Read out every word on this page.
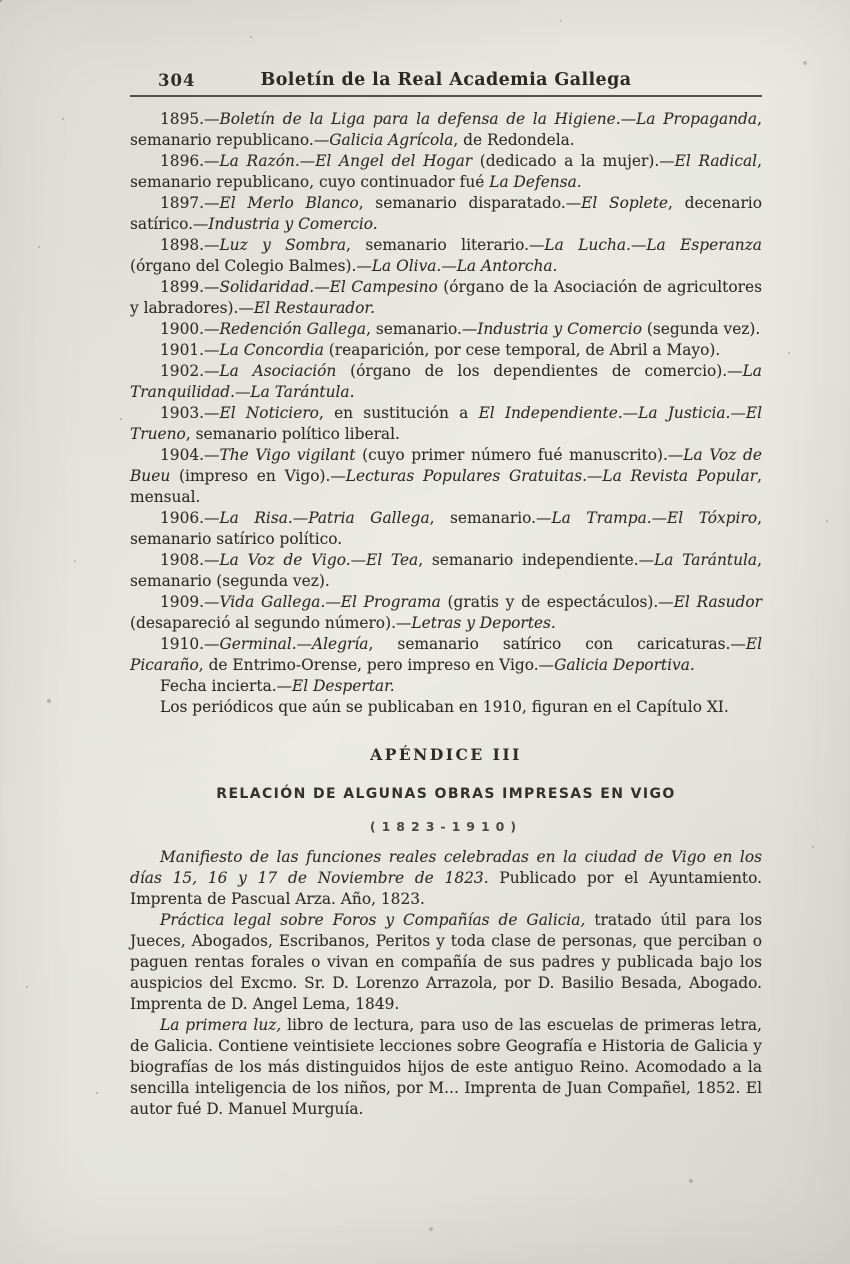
304	Boletín de la Real Academia Gallega

1895.—Boletín de la Liga para la defensa de la Higiene.—La Propaganda, semanario republicano.—Galicia Agrícola, de Redondela.

1896.—La Razón.—El Angel del Hogar (dedicado a la mujer).—El Radical, semanario republicano, cuyo continuador fué La Defensa.

1897.—El Merlo Blanco, semanario disparatado.—El Soplete, decenario satírico.—Industria y Comercio.

1898.—Luz y Sombra, semanario literario.—La Lucha.—La Esperanza (órgano del Colegio Balmes).—La Oliva.—La Antorcha.

1899.—Solidaridad.—El Campesino (órgano de la Asociación de agricultores y labradores).—El Restaurador.

1900.—Redención Gallega, semanario.—Industria y Comercio (segunda vez).

1901.—La Concordia (reaparición, por cese temporal, de Abril a Mayo).

1902.—La Asociación (órgano de los dependientes de comercio).—La Tranquilidad.—La Tarántula.

1903.—El Noticiero, en sustitución a El Independiente.—La Justicia.—El Trueno, semanario político liberal.

1904.—The Vigo vigilant (cuyo primer número fué manuscrito).—La Voz de Bueu (impreso en Vigo).—Lecturas Populares Gratuitas.—La Revista Popular, mensual.

1906.—La Risa.—Patria Gallega, semanario.—La Trampa.—El Tóxpiro, semanario satírico político.

1908.—La Voz de Vigo.—El Tea, semanario independiente.—La Tarántula, semanario (segunda vez).

1909.—Vida Gallega.—El Programa (gratis y de espectáculos).—El Rasudor (desapareció al segundo número).—Letras y Deportes.

1910.—Germinal.—Alegría, semanario satírico con caricaturas.—El Picaraño, de Entrimo-Orense, pero impreso en Vigo.—Galicia Deportiva.

Fecha incierta.—El Despertar.

Los periódicos que aún se publicaban en 1910, figuran en el Capítulo XI.

APÉNDICE III
RELACIÓN DE ALGUNAS OBRAS IMPRESAS EN VIGO
(1823-1910)

Manifiesto de las funciones reales celebradas en la ciudad de Vigo en los días 15, 16 y 17 de Noviembre de 1823. Publicado por el Ayuntamiento. Imprenta de Pascual Arza. Año, 1823.

Práctica legal sobre Foros y Compañías de Galicia, tratado útil para los Jueces, Abogados, Escribanos, Peritos y toda clase de personas, que perciban o paguen rentas forales o vivan en compañía de sus padres y publicada bajo los auspicios del Excmo. Sr. D. Lorenzo Arrazola, por D. Basilio Besada, Abogado. Imprenta de D. Angel Lema, 1849.

La primera luz, libro de lectura, para uso de las escuelas de primeras letra, de Galicia. Contiene veintisiete lecciones sobre Geografía e Historia de Galicia y biografías de los más distinguidos hijos de este antiguo Reino. Acomodado a la sencilla inteligencia de los niños, por M... Imprenta de Juan Compañel, 1852. El autor fué D. Manuel Murguía.
